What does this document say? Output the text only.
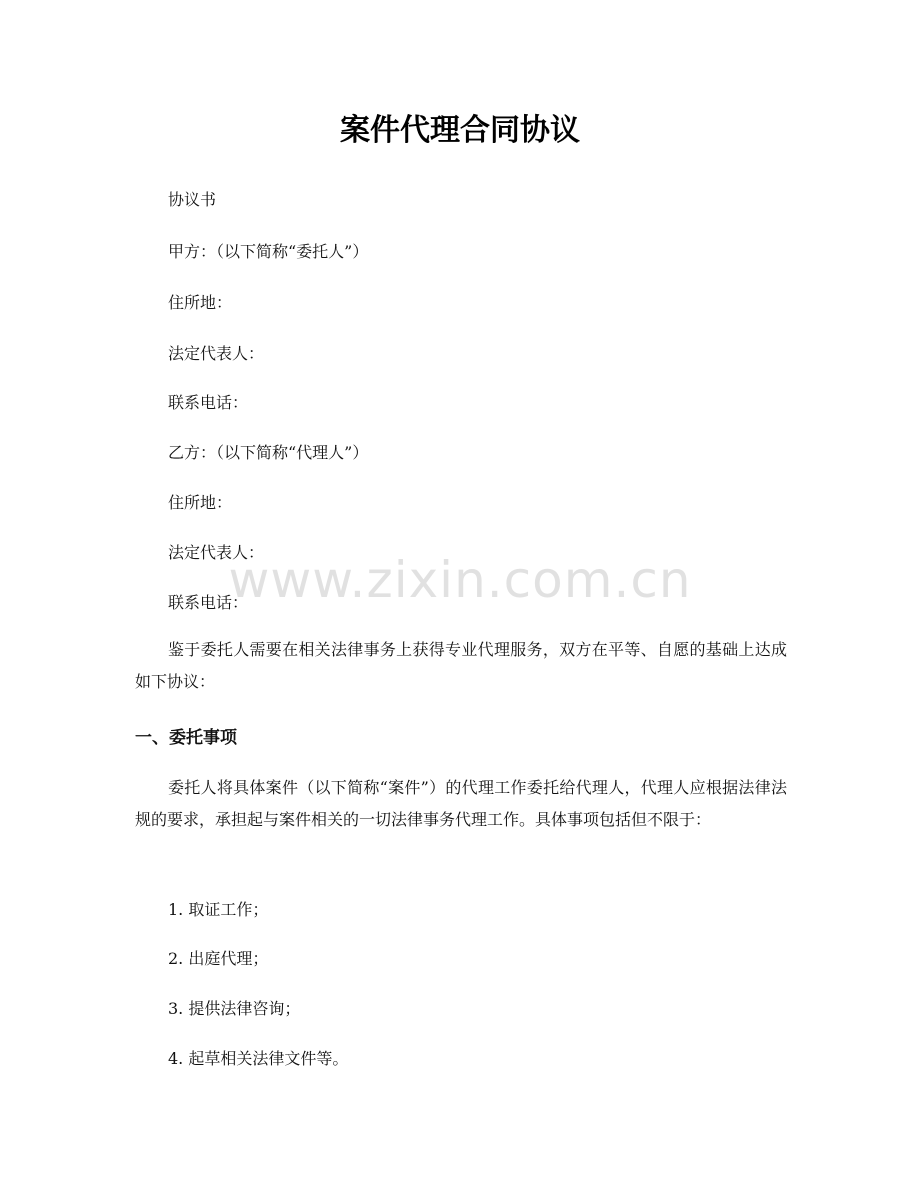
案件代理合同协议
协议书
甲方：（以下简称“委托人”）
住所地：
法定代表人：
联系电话：
乙方：（以下简称“代理人”）
住所地：
法定代表人：
联系电话：
鉴于委托人需要在相关法律事务上获得专业代理服务，双方在平等、自愿的基础上达成如下协议：
一、委托事项
委托人将具体案件（以下简称“案件”）的代理工作委托给代理人，代理人应根据法律法规的要求，承担起与案件相关的一切法律事务代理工作。具体事项包括但不限于：
1. 取证工作；
2. 出庭代理；
3. 提供法律咨询；
4. 起草相关法律文件等。
www.zixin.com.cn
